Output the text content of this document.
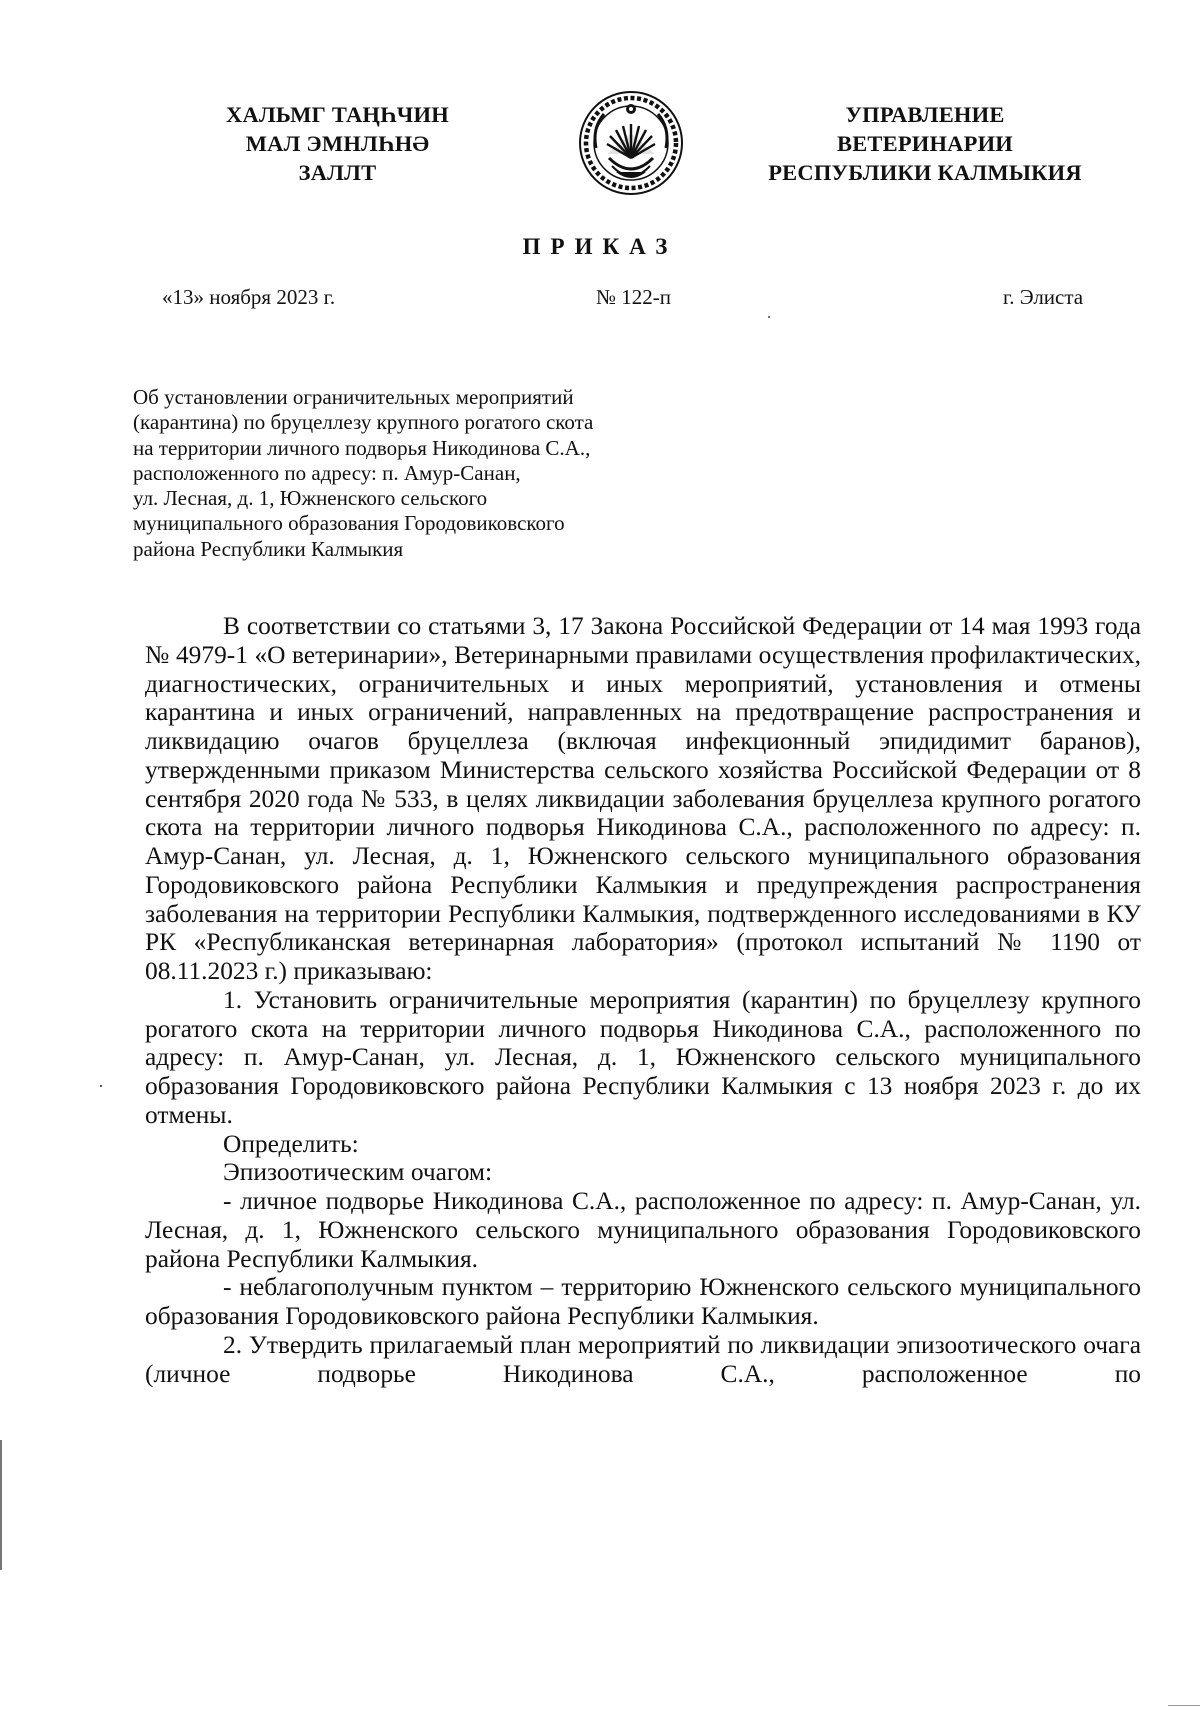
ХАЛЬМГ ТАҢҺЧИН
МАЛ ЭМНЛҺНӘ
ЗАЛЛТ
УПРАВЛЕНИЕ
ВЕТЕРИНАРИИ
РЕСПУБЛИКИ КАЛМЫКИЯ
ПРИКАЗ
«13» ноября 2023 г.	№ 122-п	г. Элиста
Об установлении ограничительных мероприятий
(карантина) по бруцеллезу крупного рогатого скота
на территории личного подворья Никодинова С.А.,
расположенного по адресу: п. Амур-Санан,
ул. Лесная, д. 1, Южненского сельского
муниципального образования Городовиковского
района Республики Калмыкия

В соответствии со статьями 3, 17 Закона Российской Федерации от 14 мая 1993 года № 4979-1 «О ветеринарии», Ветеринарными правилами осуществления профилактических, диагностических, ограничительных и иных мероприятий, установления и отмены карантина и иных ограничений, направленных на предотвращение распространения и ликвидацию очагов бруцеллеза (включая инфекционный эпидидимит баранов), утвержденными приказом Министерства сельского хозяйства Российской Федерации от 8 сентября 2020 года № 533, в целях ликвидации заболевания бруцеллеза крупного рогатого скота на территории личного подворья Никодинова С.А., расположенного по адресу: п. Амур-Санан, ул. Лесная, д. 1, Южненского сельского муниципального образования Городовиковского района Республики Калмыкия и предупреждения распространения заболевания на территории Республики Калмыкия, подтвержденного исследованиями в КУ РК «Республиканская ветеринарная лаборатория» (протокол испытаний № 1190 от 08.11.2023 г.) приказываю:

1. Установить ограничительные мероприятия (карантин) по бруцеллезу крупного рогатого скота на территории личного подворья Никодинова С.А., расположенного по адресу: п. Амур-Санан, ул. Лесная, д. 1, Южненского сельского муниципального образования Городовиковского района Республики Калмыкия с 13 ноября 2023 г. до их отмены.

Определить:

Эпизоотическим очагом:

- личное подворье Никодинова С.А., расположенное по адресу: п. Амур-Санан, ул. Лесная, д. 1, Южненского сельского муниципального образования Городовиковского района Республики Калмыкия.

- неблагополучным пунктом – территорию Южненского сельского муниципального образования Городовиковского района Республики Калмыкия.

2. Утвердить прилагаемый план мероприятий по ликвидации эпизоотического очага (личное подворье Никодинова С.А., расположенное по
